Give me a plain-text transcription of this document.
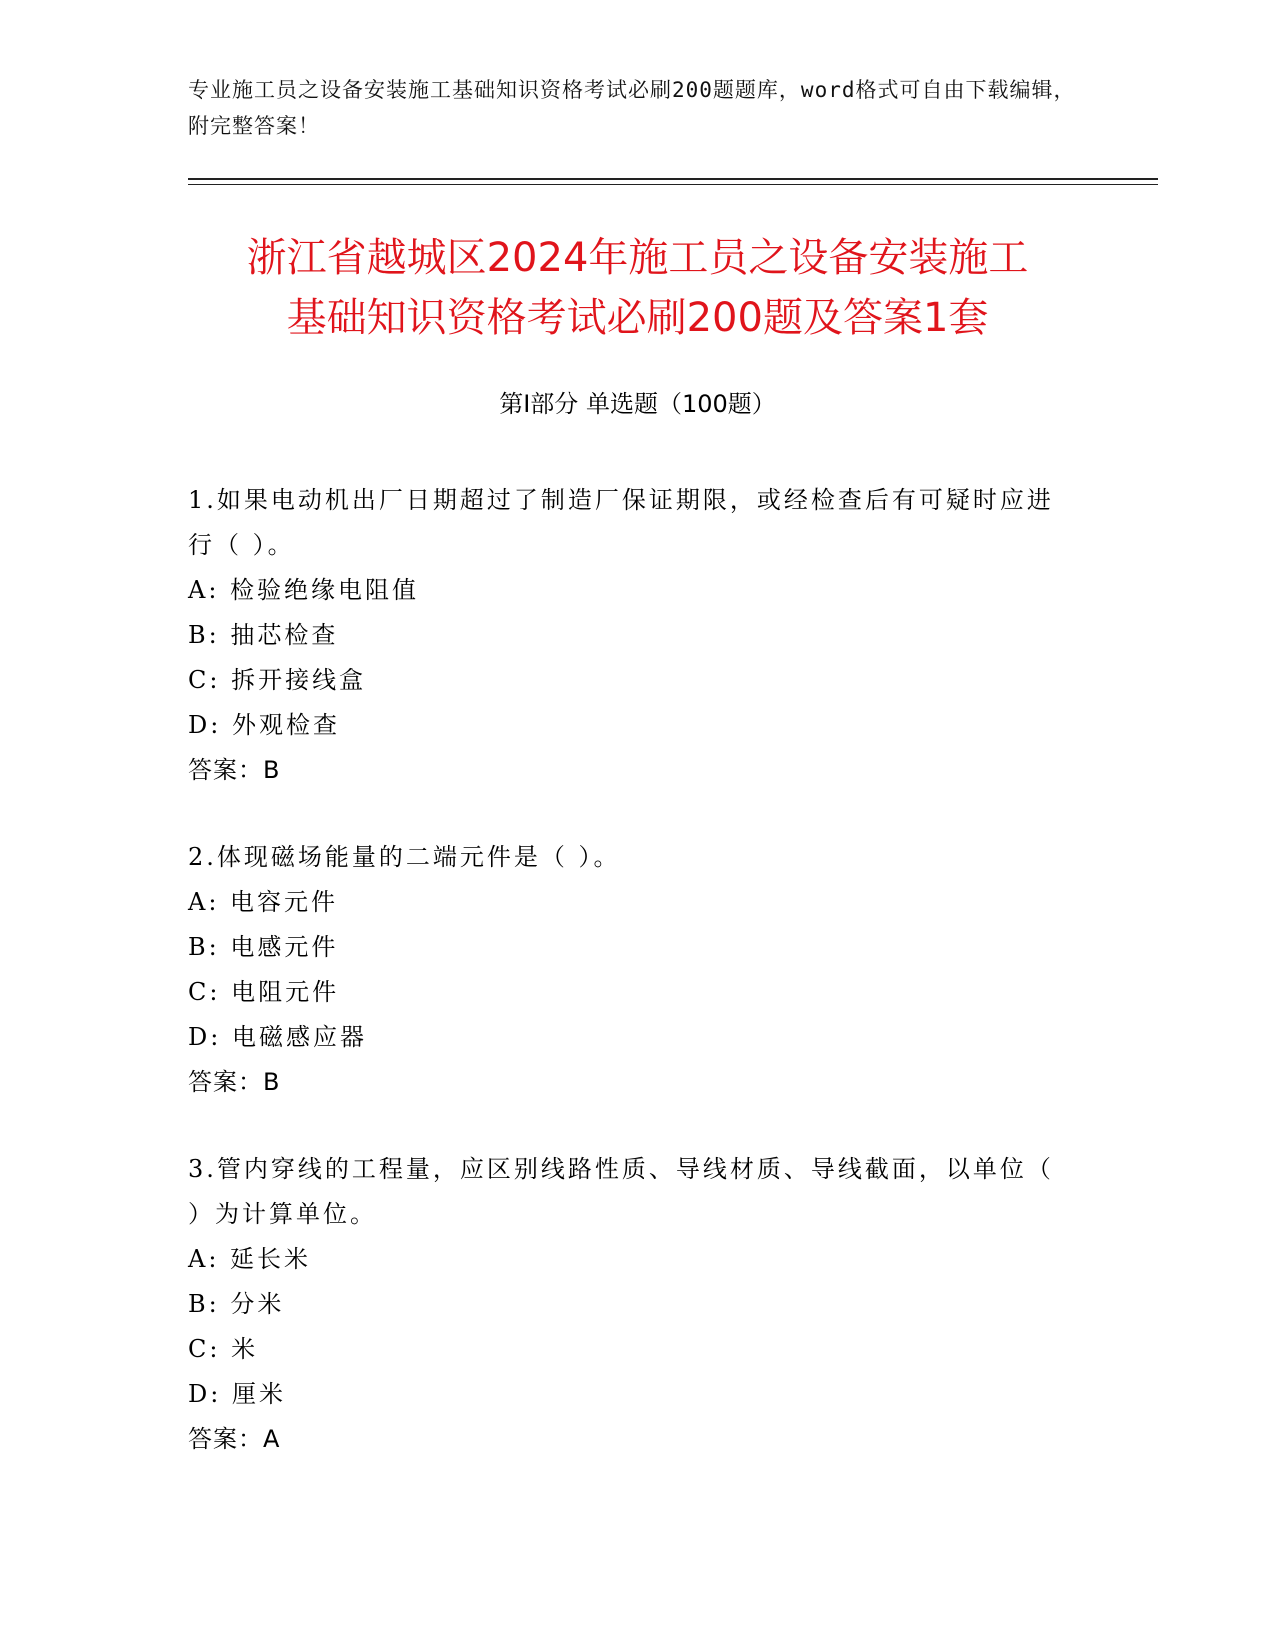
专业施工员之设备安装施工基础知识资格考试必刷200题题库，word格式可自由下载编辑，附完整答案！
浙江省越城区2024年施工员之设备安装施工
基础知识资格考试必刷200题及答案1套
第I部分 单选题（100题）

1.如果电动机出厂日期超过了制造厂保证期限，或经检查后有可疑时应进行（ ）。

A: 检验绝缘电阻值

B: 抽芯检查

C: 拆开接线盒

D: 外观检查

答案：B

2.体现磁场能量的二端元件是（ ）。

A: 电容元件

B: 电感元件

C: 电阻元件

D: 电磁感应器

答案：B

3.管内穿线的工程量，应区别线路性质、导线材质、导线截面，以单位（ ）为计算单位。

A: 延长米

B: 分米

C: 米

D: 厘米

答案：A
